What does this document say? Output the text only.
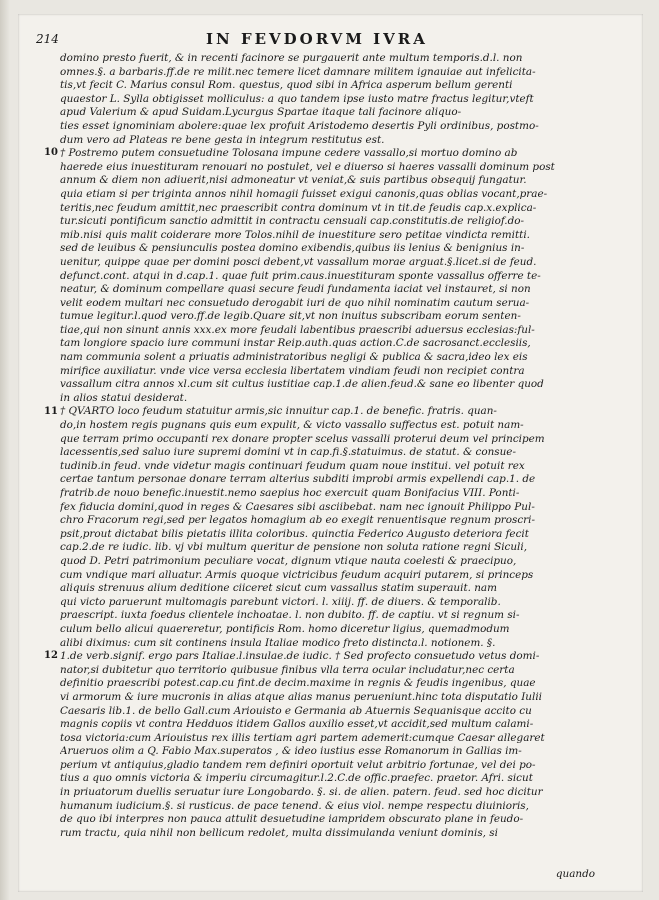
214	IN FEVDORVM IVRA
domino presto fuerit, & in recenti facinore se purgauerit ante multum temporis.d.l. non
omnes.§. a barbaris.ff.de re milit.nec temere licet damnare militem ignauiae aut infelicita-
tis,vt fecit C. Marius consul Rom. questus, quod sibi in Africa asperum bellum gerenti
quaestor L. Sylla obtigisset molliculus: a quo tandem ipse iusto matre fractus legitur,vteft
apud Valerium & apud Suidam.Lycurgus Spartae itaque tali facinore aliquo-
ties esset ignominiam abolere:quae lex profuit Aristodemo desertis Pyli ordinibus, postmo-
dum vero ad Plateas re bene gesta in integrum restitutus est.
† Postremo putem consuetudine Tolosana impune cedere vassallo,si mortuo domino ab
haerede eius inuestituram renouari no postulet, vel e diuerso si haeres vassalli dominum post
annum & diem non adiuerit,nisi admoneatur vt veniat,& suis partibus obsequij fungatur.
quia etiam si per triginta annos nihil homagii fuisset exigui canonis,quas oblias vocant,prae-
teritis,nec feudum amittit,nec praescribit contra dominum vt in tit.de feudis cap.x.explica-
tur.sicuti pontificum sanctio admittit in contractu censuali cap.constitutis.de religiof.do-
mib.nisi quis malit coiderare more Tolos.nihil de inuestiture sero petitae vindicta remitti.
sed de leuibus & pensiunculis postea domino exibendis,quibus iis lenius & benignius in-
uenitur, quippe quae per domini posci debent,vt vassallum morae arguat.§.licet.si de feud.
defunct.cont. atqui in d.cap.1. quae fuit prim.caus.inuestituram sponte vassallus offerre te-
neatur, & dominum compellare quasi secure feudi fundamenta iaciat vel instauret, si non
velit eodem multari nec consuetudo derogabit iuri de quo nihil nominatim cautum serua-
tumue legitur.l.quod vero.ff.de legib.Quare sit,vt non inuitus subscribam eorum senten-
tiae,qui non sinunt annis xxx.ex more feudali labentibus praescribi aduersus ecclesias:ful-
tam longiore spacio iure communi instar Reip.auth.quas action.C.de sacrosanct.ecclesiis,
nam communia solent a priuatis administratoribus negligi & publica & sacra,ideo lex eis
mirifice auxiliatur. vnde vice versa ecclesia libertatem vindiam feudi non recipiet contra
vassallum citra annos xl.cum sit cultus iustitiae cap.1.de alien.feud.& sane eo libenter quod
in alios statui desiderat.
† QVARTO loco feudum statuitur armis,sic innuitur cap.1. de benefic. fratris. quan-
do,in hostem regis pugnans quis eum expulit, & victo vassallo suffectus est. potuit nam-
que terram primo occupanti rex donare propter scelus vassalli proterui deum vel principem
lacessentis,sed saluo iure supremi domini vt in cap.fi.§.statuimus. de statut. & consue-
tudinib.in feud. vnde videtur magis continuari feudum quam noue institui. vel potuit rex
certae tantum personae donare terram alterius subditi improbi armis expellendi cap.1. de
fratrib.de nouo benefic.inuestit.nemo saepius hoc exercuit quam Bonifacius VIII. Ponti-
fex fiducia domini,quod in reges & Caesares sibi asciibebat. nam nec ignouit Philippo Pul-
chro Fracorum regi,sed per legatos homagium ab eo exegit renuentisque regnum proscri-
psit,prout dictabat bilis pietatis illita coloribus. quinctia Federico Augusto deteriora fecit
cap.2.de re iudic. lib. vj vbi multum queritur de pensione non soluta ratione regni Siculi,
quod D. Petri patrimonium peculiare vocat, dignum vtique nauta coelesti & praecipuo,
cum vndique mari alluatur. Armis quoque victricibus feudum acquiri putarem, si princeps
aliquis strenuus alium deditione ciiceret sicut cum vassallus statim superauit. nam
qui victo paruerunt multomagis parebunt victori. l. xiiij. ff. de diuers. & temporalib.
praescript. iuxta foedus clientele inchoatae. l. non dubito. ff. de captiu. vt si regnum si-
culum bello alicui quaereretur, pontificis Rom. homo diceretur ligius, quemadmodum
alibi diximus: cum sit continens insula Italiae modico freto distincta.l. notionem. §.
1.de verb.signif. ergo pars Italiae.l.insulae.de iudic. † Sed profecto consuetudo vetus domi-
nator,si dubitetur quo territorio quibusue finibus vlla terra ocular includatur,nec certa
definitio praescribi potest.cap.cu fint.de decim.maxime in regnis & feudis ingenibus, quae
vi armorum & iure mucronis in alias atque alias manus perueniunt.hinc tota disputatio Iulii
Caesaris lib.1. de bello Gall.cum Ariouisto e Germania ab Atuernis Sequanisque accito cu
magnis copiis vt contra Hedduos itidem Gallos auxilio esset,vt accidit,sed multum calami-
tosa victoria:cum Ariouistus rex illis tertiam agri partem ademerit:cumque Caesar allegaret
Arueruos olim a Q. Fabio Max.superatos , & ideo iustius esse Romanorum in Gallias im-
perium vt antiquius,gladio tandem rem definiri oportuit velut arbitrio fortunae, vel dei po-
tius a quo omnis victoria & imperiu circumagitur.l.2.C.de offic.praefec. praetor. Afri. sicut
in priuatorum duellis seruatur iure Longobardo. §. si. de alien. patern. feud. sed hoc dicitur
humanum iudicium.§. si rusticus. de pace tenend. & eius viol. nempe respectu diuinioris,
de quo ibi interpres non pauca attulit desuetudine iampridem obscurato plane in feudo-
rum tractu, quia nihil non bellicum redolet, multa dissimulanda veniunt dominis, si
quando
10
11
12
